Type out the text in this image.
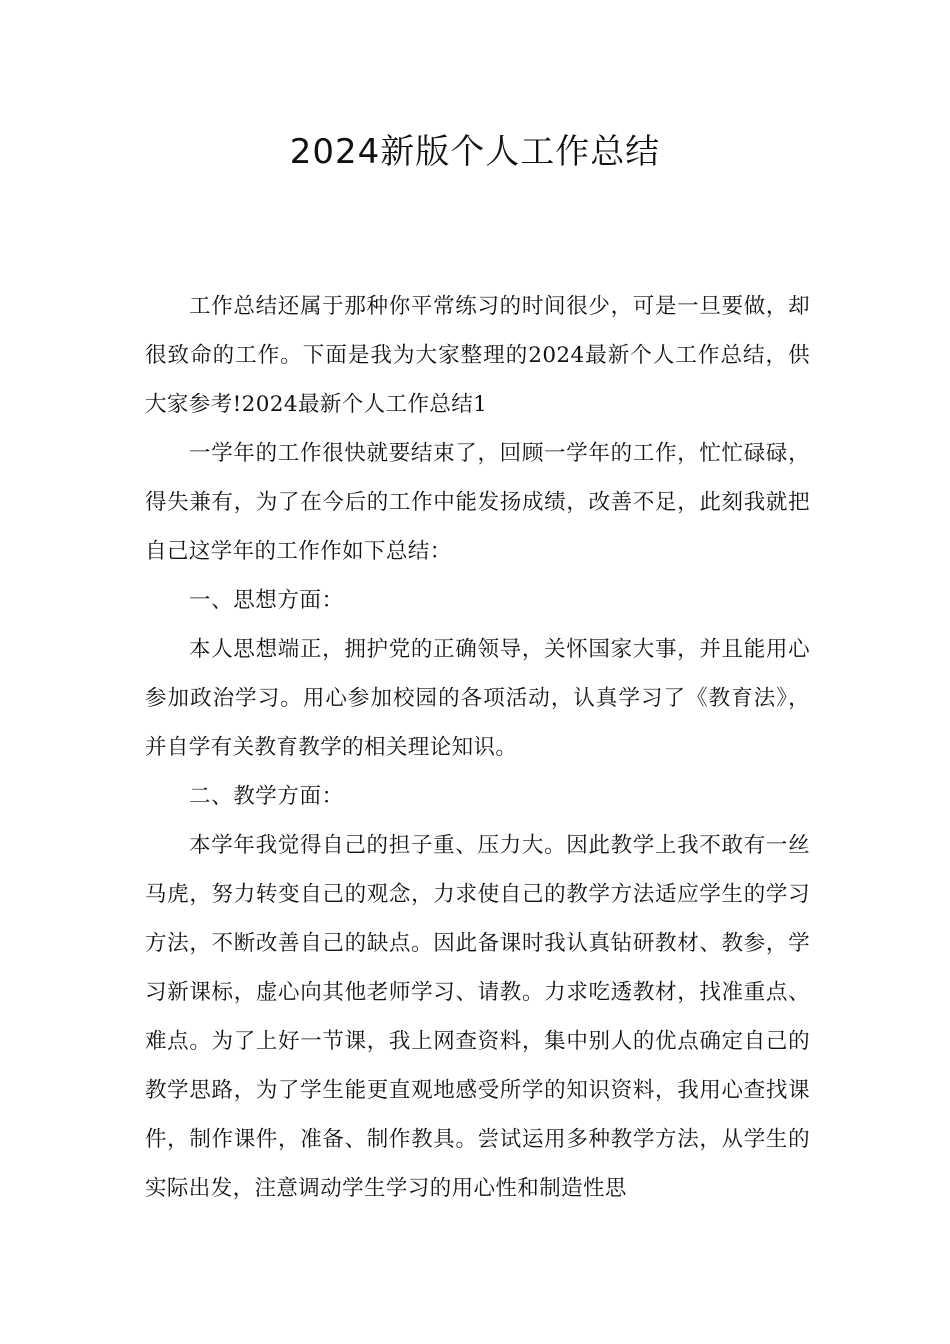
2024新版个人工作总结

工作总结还属于那种你平常练习的时间很少，可是一旦要做，却很致命的工作。下面是我为大家整理的2024最新个人工作总结，供大家参考!2024最新个人工作总结1

一学年的工作很快就要结束了，回顾一学年的工作，忙忙碌碌，得失兼有，为了在今后的工作中能发扬成绩，改善不足，此刻我就把自己这学年的工作作如下总结：

一、思想方面：

本人思想端正，拥护党的正确领导，关怀国家大事，并且能用心参加政治学习。用心参加校园的各项活动，认真学习了《教育法》，并自学有关教育教学的相关理论知识。

二、教学方面：

本学年我觉得自己的担子重、压力大。因此教学上我不敢有一丝马虎，努力转变自己的观念，力求使自己的教学方法适应学生的学习方法，不断改善自己的缺点。因此备课时我认真钻研教材、教参，学习新课标，虚心向其他老师学习、请教。力求吃透教材，找准重点、难点。为了上好一节课，我上网查资料，集中别人的优点确定自己的教学思路，为了学生能更直观地感受所学的知识资料，我用心查找课件，制作课件，准备、制作教具。尝试运用多种教学方法，从学生的实际出发，注意调动学生学习的用心性和制造性思
